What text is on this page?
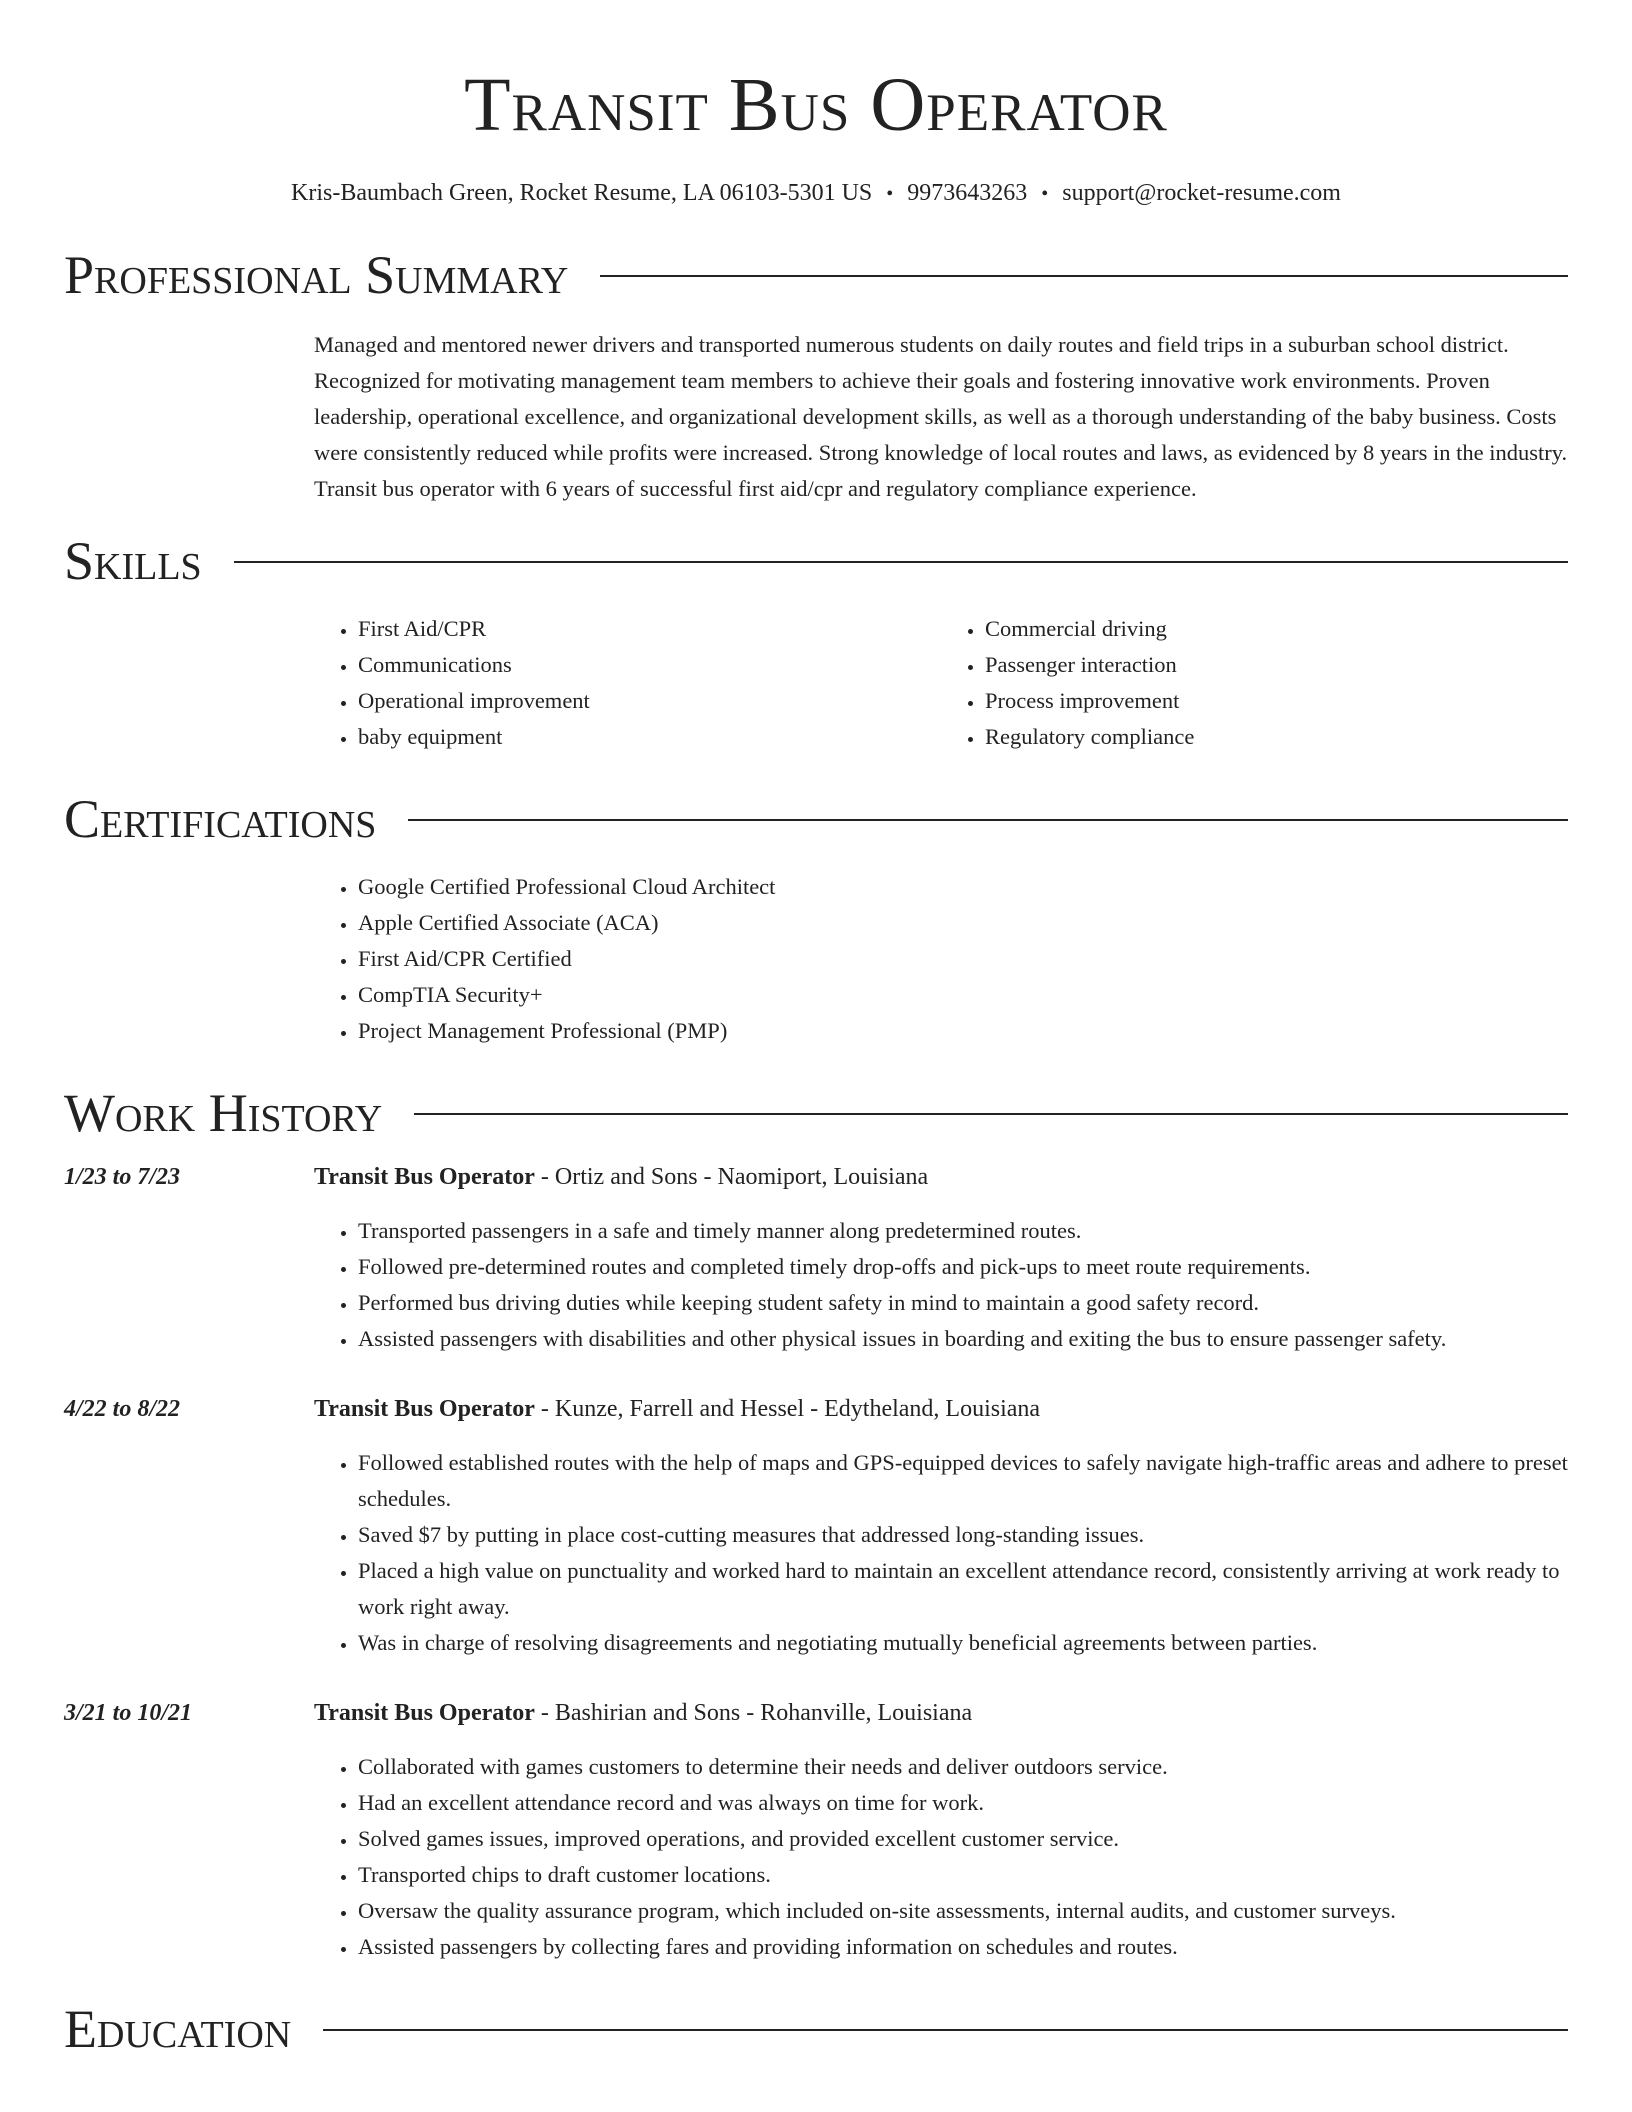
Transit Bus Operator
Kris-Baumbach Green, Rocket Resume, LA 06103-5301 US • 9973643263 • support@rocket-resume.com
Professional Summary

Managed and mentored newer drivers and transported numerous students on daily routes and field trips in a suburban school district. Recognized for motivating management team members to achieve their goals and fostering innovative work environments. Proven leadership, operational excellence, and organizational development skills, as well as a thorough understanding of the baby business. Costs were consistently reduced while profits were increased. Strong knowledge of local routes and laws, as evidenced by 8 years in the industry. Transit bus operator with 6 years of successful first aid/cpr and regulatory compliance experience.

Skills
• First Aid/CPR
• Communications
• Operational improvement
• baby equipment
• Commercial driving
• Passenger interaction
• Process improvement
• Regulatory compliance
Certifications
• Google Certified Professional Cloud Architect
• Apple Certified Associate (ACA)
• First Aid/CPR Certified
• CompTIA Security+
• Project Management Professional (PMP)
Work History
1/23 to 7/23	Transit Bus Operator - Ortiz and Sons - Naomiport, Louisiana
• Transported passengers in a safe and timely manner along predetermined routes.
• Followed pre-determined routes and completed timely drop-offs and pick-ups to meet route requirements.
• Performed bus driving duties while keeping student safety in mind to maintain a good safety record.
• Assisted passengers with disabilities and other physical issues in boarding and exiting the bus to ensure passenger safety.
4/22 to 8/22	Transit Bus Operator - Kunze, Farrell and Hessel - Edytheland, Louisiana
• Followed established routes with the help of maps and GPS-equipped devices to safely navigate high-traffic areas and adhere to preset schedules.
• Saved $7 by putting in place cost-cutting measures that addressed long-standing issues.
• Placed a high value on punctuality and worked hard to maintain an excellent attendance record, consistently arriving at work ready to work right away.
• Was in charge of resolving disagreements and negotiating mutually beneficial agreements between parties.
3/21 to 10/21	Transit Bus Operator - Bashirian and Sons - Rohanville, Louisiana
• Collaborated with games customers to determine their needs and deliver outdoors service.
• Had an excellent attendance record and was always on time for work.
• Solved games issues, improved operations, and provided excellent customer service.
• Transported chips to draft customer locations.
• Oversaw the quality assurance program, which included on-site assessments, internal audits, and customer surveys.
• Assisted passengers by collecting fares and providing information on schedules and routes.
Education
